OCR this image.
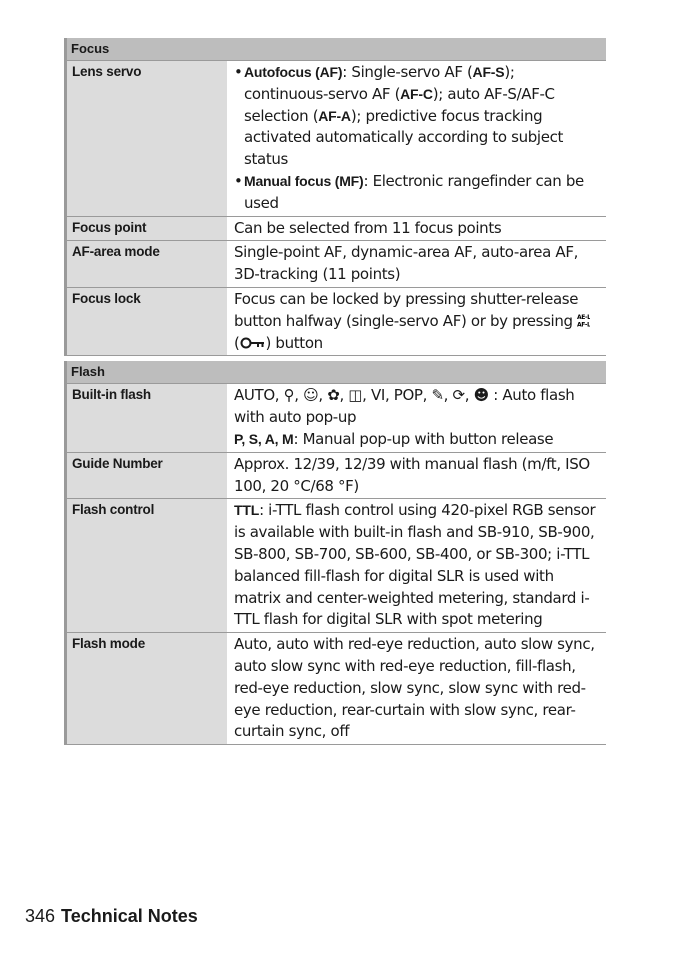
Focus
Lens servo	• Autofocus (AF): Single-servo AF (AF-S); continuous-servo AF (AF-C); auto AF-S/AF-C selection (AF-A); predictive focus tracking activated automatically according to subject status
• Manual focus (MF): Electronic rangefinder can be used
Focus point	Can be selected from 11 focus points
AF-area mode	Single-point AF, dynamic-area AF, auto-area AF, 3D-tracking (11 points)
Focus lock	Focus can be locked by pressing shutter-release button halfway (single-servo AF) or by pressing AE-L
AF-L
( ) button
Flash
Built-in flash	AUTO, ⚲, ☺, ✿, ◫, VI, POP, ✎, ⟳, ☻ : Auto flash with auto pop-up
P, S, A, M: Manual pop-up with button release
Guide Number	Approx. 12/39, 12/39 with manual flash (m/ft, ISO 100, 20 °C/68 °F)
Flash control	TTL: i-TTL flash control using 420-pixel RGB sensor is available with built-in flash and SB-910, SB-900, SB-800, SB-700, SB-600, SB-400, or SB-300; i-TTL balanced fill-flash for digital SLR is used with matrix and center-weighted metering, standard i-TTL flash for digital SLR with spot metering
Flash mode	Auto, auto with red-eye reduction, auto slow sync, auto slow sync with red-eye reduction, fill-flash, red-eye reduction, slow sync, slow sync with red-eye reduction, rear-curtain with slow sync, rear-curtain sync, off
346 Technical Notes
